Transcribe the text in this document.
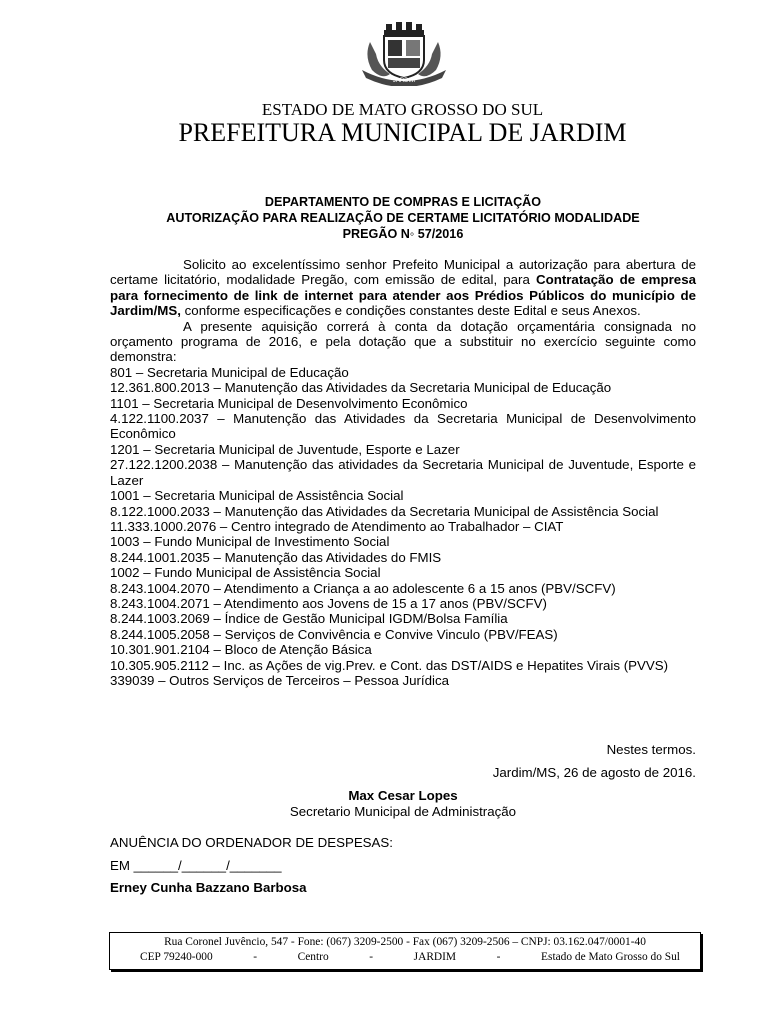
JARDIM
ESTADO DE MATO GROSSO DO SUL
PREFEITURA MUNICIPAL DE JARDIM
DEPARTAMENTO DE COMPRAS E LICITAÇÃO
AUTORIZAÇÃO PARA REALIZAÇÃO DE CERTAME LICITATÓRIO MODALIDADE
PREGÃO N◦ 57/2016

Solicito ao excelentíssimo senhor Prefeito Municipal a autorização para abertura de certame licitatório, modalidade Pregão, com emissão de edital, para Contratação de empresa para fornecimento de link de internet para atender aos Prédios Públicos do município de Jardim/MS, conforme especificações e condições constantes deste Edital e seus Anexos.

A presente aquisição correrá à conta da dotação orçamentária consignada no orçamento programa de 2016, e pela dotação que a substituir no exercício seguinte como demonstra:

801 – Secretaria Municipal de Educação
12.361.800.2013 – Manutenção das Atividades da Secretaria Municipal de Educação
1101 – Secretaria Municipal de Desenvolvimento Econômico
4.122.1100.2037 – Manutenção das Atividades da Secretaria Municipal de Desenvolvimento Econômico
1201 – Secretaria Municipal de Juventude, Esporte e Lazer
27.122.1200.2038 – Manutenção das atividades da Secretaria Municipal de Juventude, Esporte e Lazer
1001 – Secretaria Municipal de Assistência Social
8.122.1000.2033 – Manutenção das Atividades da Secretaria Municipal de Assistência Social
11.333.1000.2076 – Centro integrado de Atendimento ao Trabalhador – CIAT
1003 – Fundo Municipal de Investimento Social
8.244.1001.2035 – Manutenção das Atividades do FMIS
1002 – Fundo Municipal de Assistência Social
8.243.1004.2070 – Atendimento a Criança a ao adolescente 6 a 15 anos (PBV/SCFV)
8.243.1004.2071 – Atendimento aos Jovens de 15 a 17 anos (PBV/SCFV)
8.244.1003.2069 – Índice de Gestão Municipal IGDM/Bolsa Família
8.244.1005.2058 – Serviços de Convivência e Convive Vinculo (PBV/FEAS)
10.301.901.2104 – Bloco de Atenção Básica
10.305.905.2112 – Inc. as Ações de vig.Prev. e Cont. das DST/AIDS e Hepatites Virais (PVVS)
339039 – Outros Serviços de Terceiros – Pessoa Jurídica
Nestes termos.
Jardim/MS, 26 de agosto de 2016.
Max Cesar Lopes
Secretario Municipal de Administração
ANUÊNCIA DO ORDENADOR DE DESPESAS:
EM ______/______/_______
Erney Cunha Bazzano Barbosa
Rua Coronel Juvêncio, 547 - Fone: (067) 3209-2500 - Fax (067) 3209-2506 – CNPJ: 03.162.047/0001-40
CEP 79240-000	-	Centro	-	JARDIM	-	Estado de Mato Grosso do Sul
